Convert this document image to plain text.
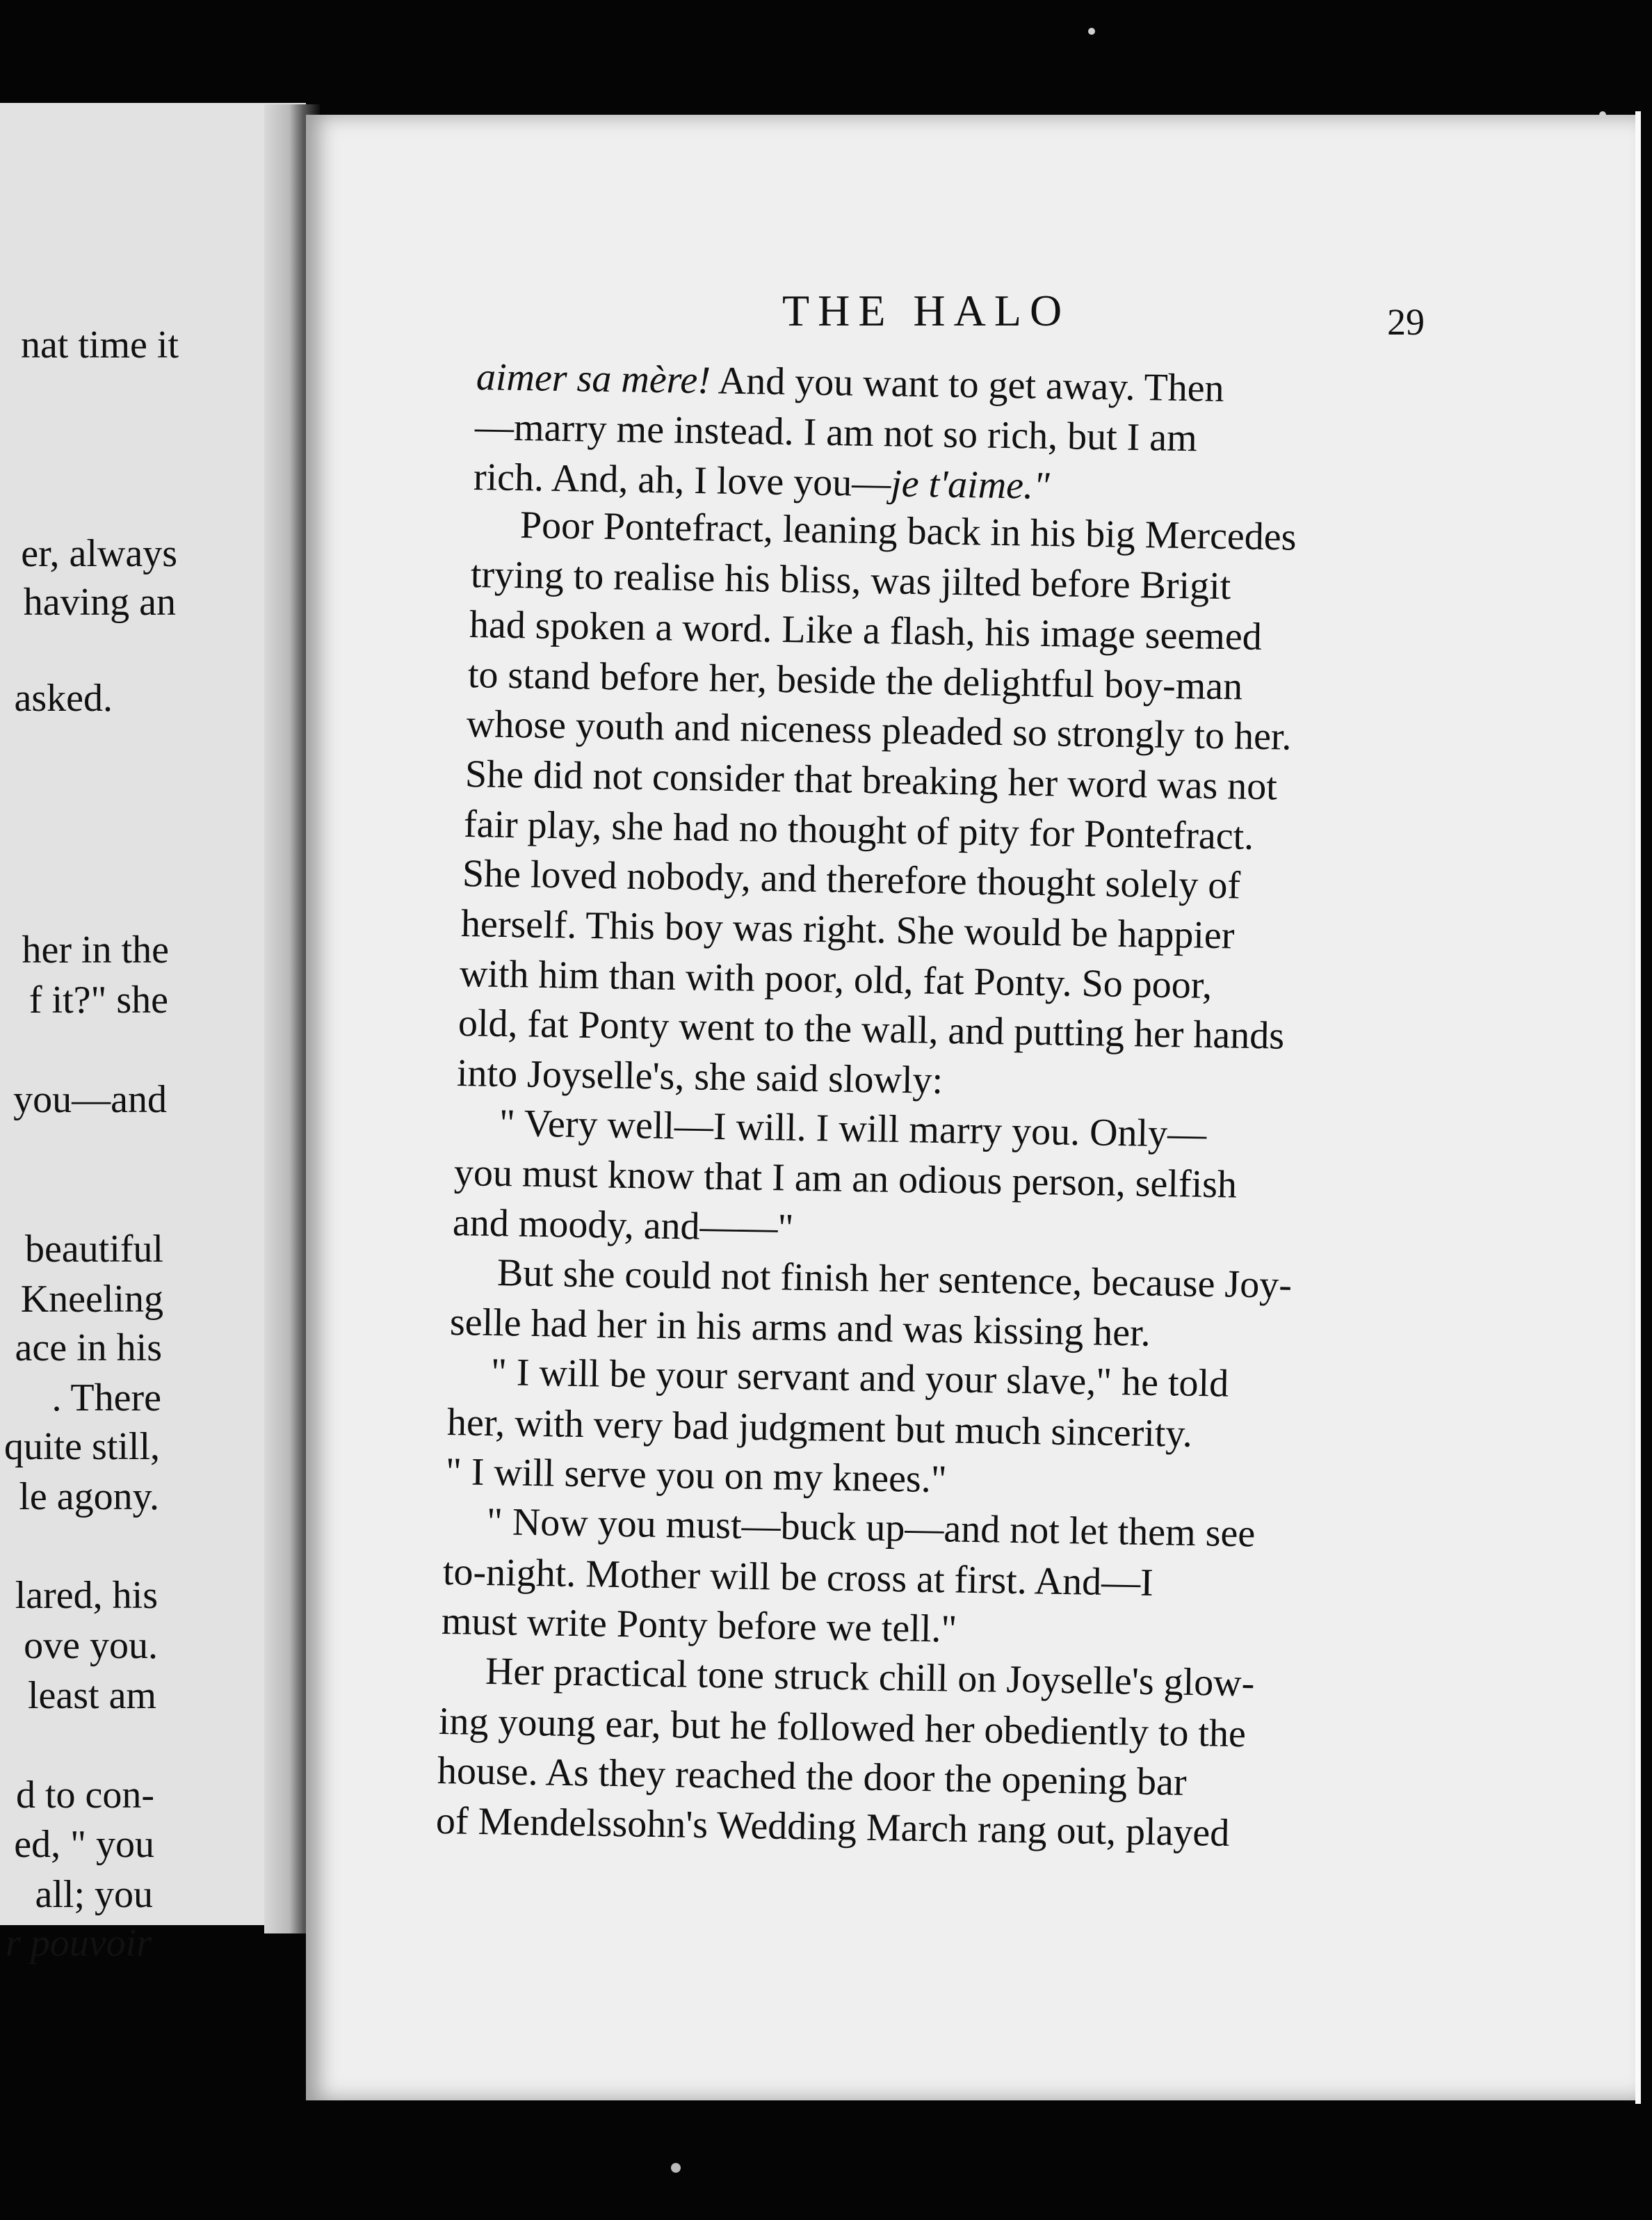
nat time it
er, always
having an
asked.
her in the
f it?" she
you—and
beautiful
Kneeling
ace in his
. There
quite still,
le agony.
lared, his
ove you.
least am
d to con-
ed, " you
all; you
r pouvoir
THE HALO	29
aimer sa mère! And you want to get away. Then
—marry me instead. I am not so rich, but I am
rich. And, ah, I love you—je t'aime."
Poor Pontefract, leaning back in his big Mercedes
trying to realise his bliss, was jilted before Brigit
had spoken a word. Like a flash, his image seemed
to stand before her, beside the delightful boy-man
whose youth and niceness pleaded so strongly to her.
She did not consider that breaking her word was not
fair play, she had no thought of pity for Pontefract.
She loved nobody, and therefore thought solely of
herself. This boy was right. She would be happier
with him than with poor, old, fat Ponty. So poor,
old, fat Ponty went to the wall, and putting her hands
into Joyselle's, she said slowly:
" Very well—I will. I will marry you. Only—
you must know that I am an odious person, selfish
and moody, and——"
But she could not finish her sentence, because Joy-
selle had her in his arms and was kissing her.
" I will be your servant and your slave," he told
her, with very bad judgment but much sincerity.
" I will serve you on my knees."
" Now you must—buck up—and not let them see
to-night. Mother will be cross at first. And—I
must write Ponty before we tell."
Her practical tone struck chill on Joyselle's glow-
ing young ear, but he followed her obediently to the
house. As they reached the door the opening bar
of Mendelssohn's Wedding March rang out, played
